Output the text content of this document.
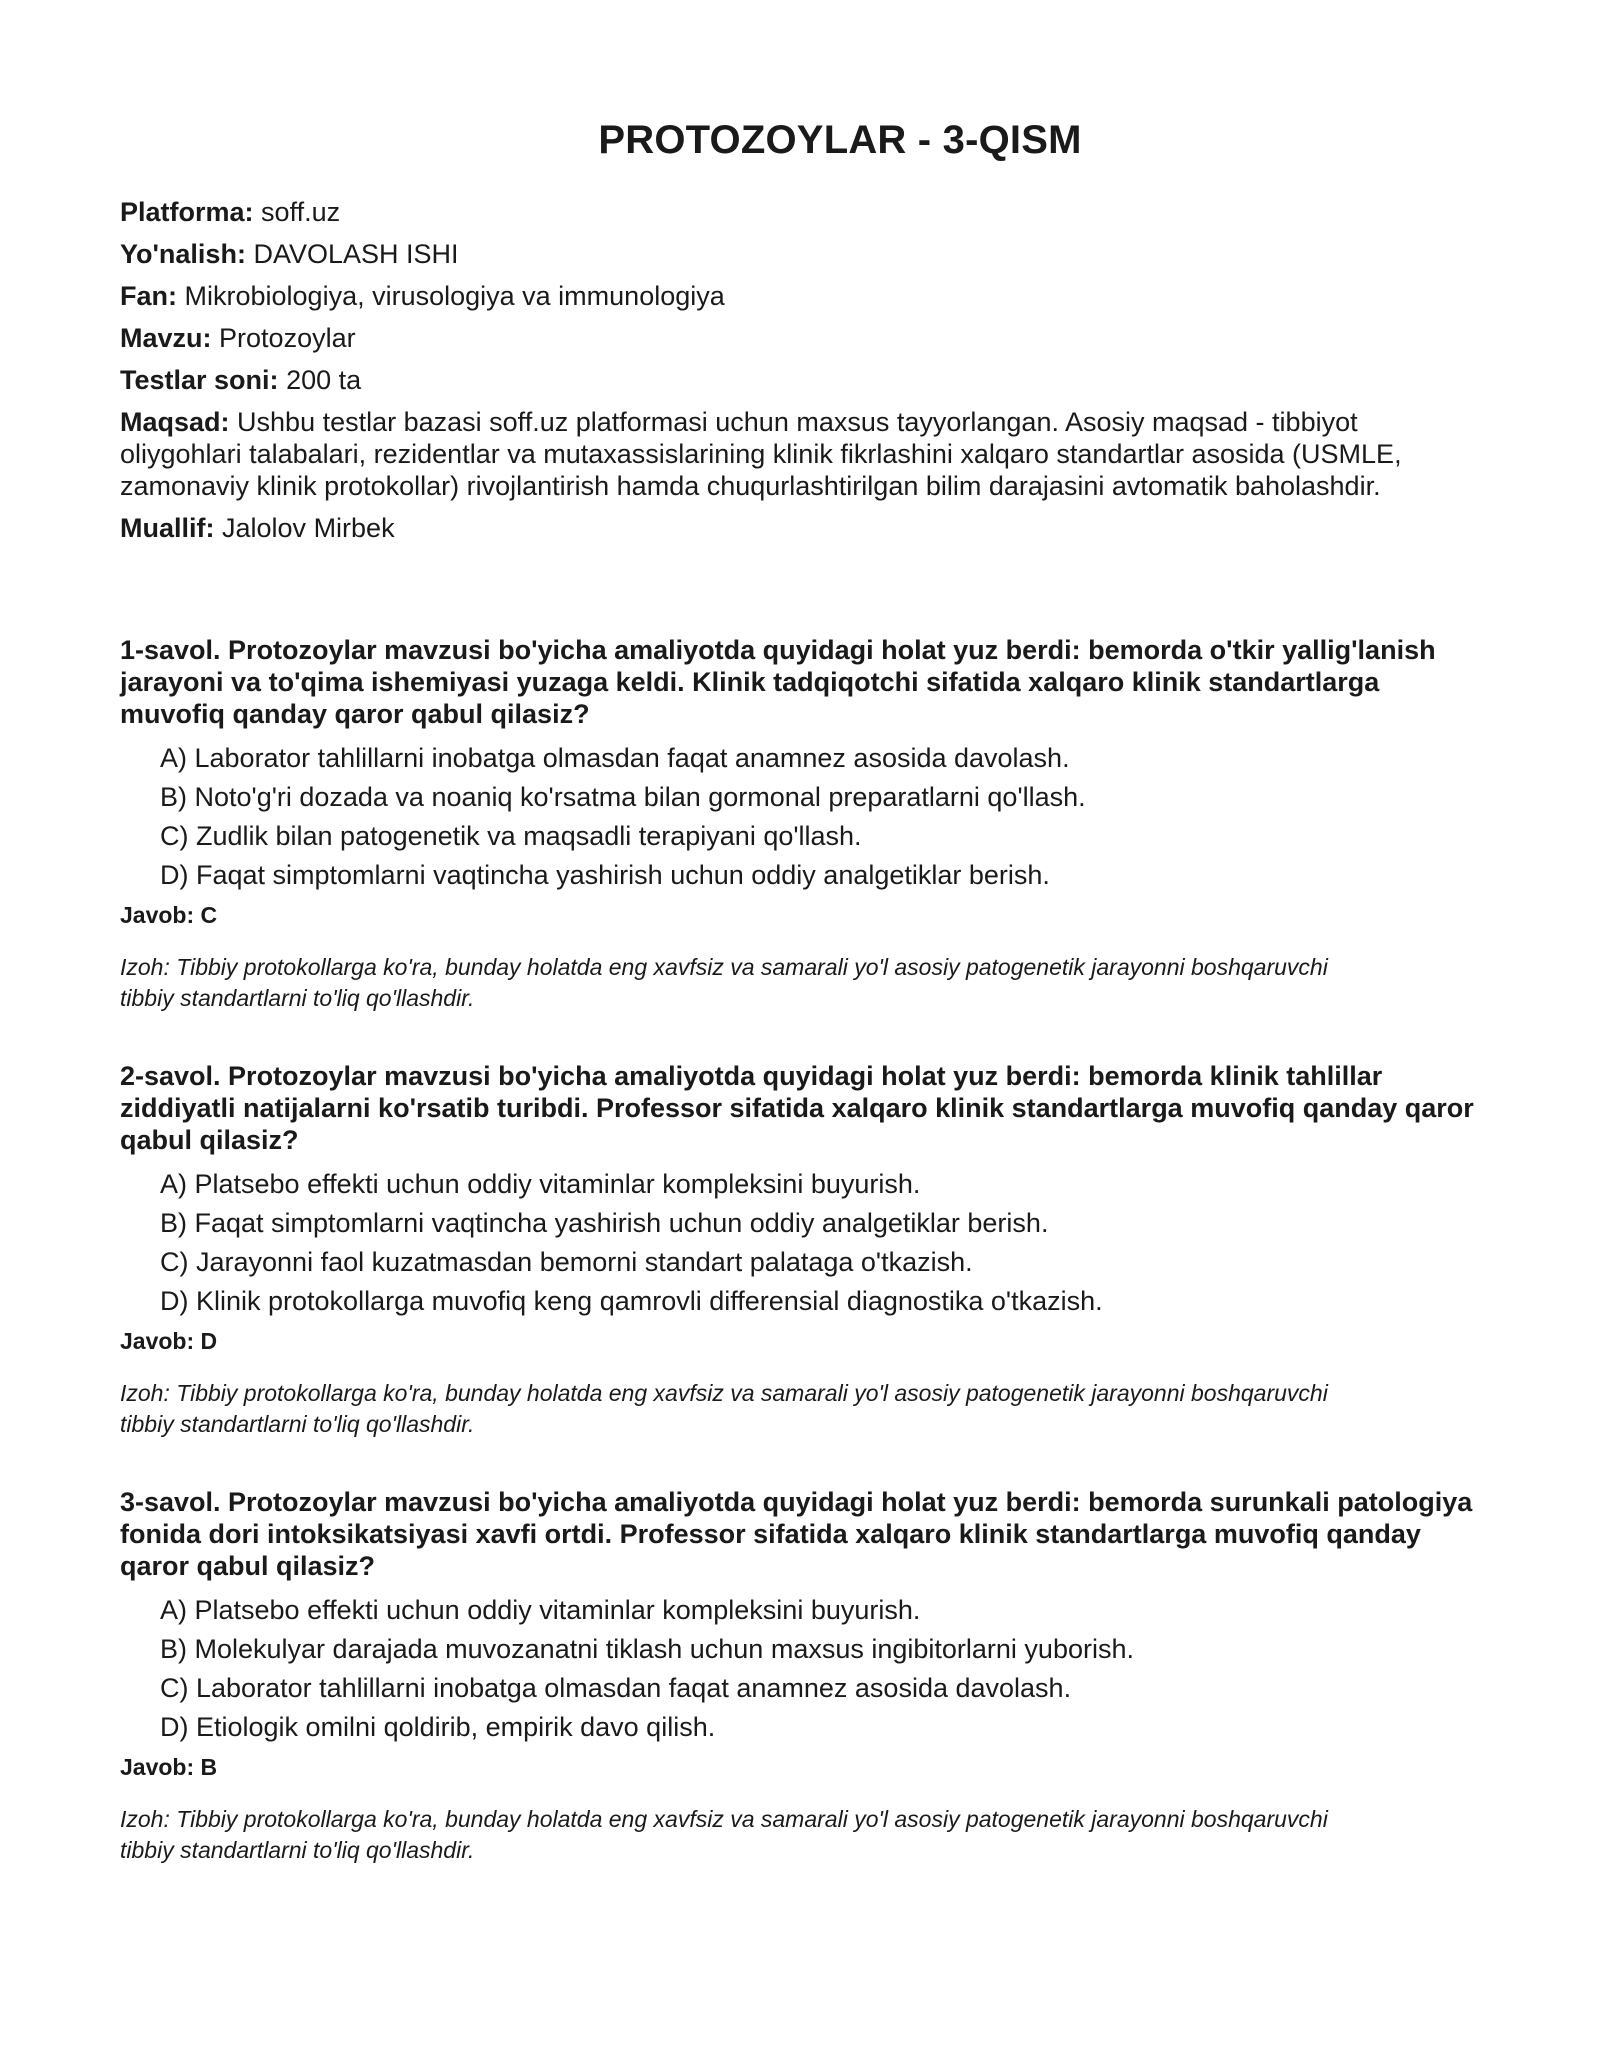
PROTOZOYLAR - 3-QISM

Platforma: soff.uz

Yo'nalish: DAVOLASH ISHI

Fan: Mikrobiologiya, virusologiya va immunologiya

Mavzu: Protozoylar

Testlar soni: 200 ta

Maqsad: Ushbu testlar bazasi soff.uz platformasi uchun maxsus tayyorlangan. Asosiy maqsad - tibbiyot oliygohlari talabalari, rezidentlar va mutaxassislarining klinik fikrlashini xalqaro standartlar asosida (USMLE, zamonaviy klinik protokollar) rivojlantirish hamda chuqurlashtirilgan bilim darajasini avtomatik baholashdir.

Muallif: Jalolov Mirbek

1-savol. Protozoylar mavzusi bo'yicha amaliyotda quyidagi holat yuz berdi: bemorda o'tkir yallig'lanish jarayoni va to'qima ishemiyasi yuzaga keldi. Klinik tadqiqotchi sifatida xalqaro klinik standartlarga muvofiq qanday qaror qabul qilasiz?

A) Laborator tahlillarni inobatga olmasdan faqat anamnez asosida davolash.
B) Noto'g'ri dozada va noaniq ko'rsatma bilan gormonal preparatlarni qo'llash.
C) Zudlik bilan patogenetik va maqsadli terapiyani qo'llash.
D) Faqat simptomlarni vaqtincha yashirish uchun oddiy analgetiklar berish.

Javob: C

Izoh: Tibbiy protokollarga ko'ra, bunday holatda eng xavfsiz va samarali yo'l asosiy patogenetik jarayonni boshqaruvchi tibbiy standartlarni to'liq qo'llashdir.

2-savol. Protozoylar mavzusi bo'yicha amaliyotda quyidagi holat yuz berdi: bemorda klinik tahlillar ziddiyatli natijalarni ko'rsatib turibdi. Professor sifatida xalqaro klinik standartlarga muvofiq qanday qaror qabul qilasiz?

A) Platsebo effekti uchun oddiy vitaminlar kompleksini buyurish.
B) Faqat simptomlarni vaqtincha yashirish uchun oddiy analgetiklar berish.
C) Jarayonni faol kuzatmasdan bemorni standart palataga o'tkazish.
D) Klinik protokollarga muvofiq keng qamrovli differensial diagnostika o'tkazish.

Javob: D

Izoh: Tibbiy protokollarga ko'ra, bunday holatda eng xavfsiz va samarali yo'l asosiy patogenetik jarayonni boshqaruvchi tibbiy standartlarni to'liq qo'llashdir.

3-savol. Protozoylar mavzusi bo'yicha amaliyotda quyidagi holat yuz berdi: bemorda surunkali patologiya fonida dori intoksikatsiyasi xavfi ortdi. Professor sifatida xalqaro klinik standartlarga muvofiq qanday qaror qabul qilasiz?

A) Platsebo effekti uchun oddiy vitaminlar kompleksini buyurish.
B) Molekulyar darajada muvozanatni tiklash uchun maxsus ingibitorlarni yuborish.
C) Laborator tahlillarni inobatga olmasdan faqat anamnez asosida davolash.
D) Etiologik omilni qoldirib, empirik davo qilish.

Javob: B

Izoh: Tibbiy protokollarga ko'ra, bunday holatda eng xavfsiz va samarali yo'l asosiy patogenetik jarayonni boshqaruvchi tibbiy standartlarni to'liq qo'llashdir.
